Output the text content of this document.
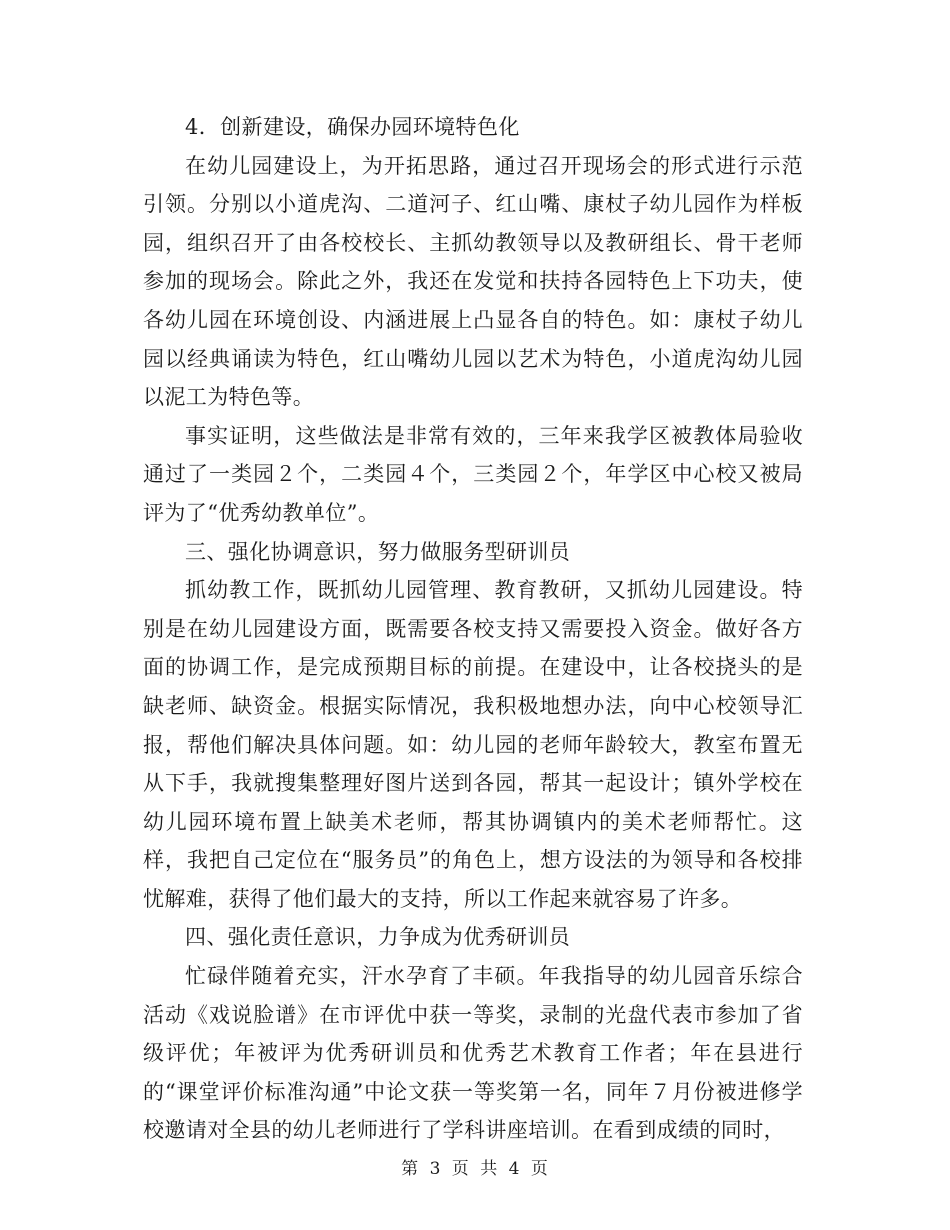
4．创新建设，确保办园环境特色化

在幼儿园建设上，为开拓思路，通过召开现场会的形式进行示范引领。分别以小道虎沟、二道河子、红山嘴、康杖子幼儿园作为样板园，组织召开了由各校校长、主抓幼教领导以及教研组长、骨干老师参加的现场会。除此之外，我还在发觉和扶持各园特色上下功夫，使各幼儿园在环境创设、内涵进展上凸显各自的特色。如：康杖子幼儿园以经典诵读为特色，红山嘴幼儿园以艺术为特色，小道虎沟幼儿园以泥工为特色等。

事实证明，这些做法是非常有效的，三年来我学区被教体局验收通过了一类园２个，二类园４个，三类园２个，年学区中心校又被局评为了“优秀幼教单位”。

三、强化协调意识，努力做服务型研训员

抓幼教工作，既抓幼儿园管理、教育教研，又抓幼儿园建设。特别是在幼儿园建设方面，既需要各校支持又需要投入资金。做好各方面的协调工作，是完成预期目标的前提。在建设中，让各校挠头的是缺老师、缺资金。根据实际情况，我积极地想办法，向中心校领导汇报，帮他们解决具体问题。如：幼儿园的老师年龄较大，教室布置无从下手，我就搜集整理好图片送到各园，帮其一起设计；镇外学校在幼儿园环境布置上缺美术老师，帮其协调镇内的美术老师帮忙。这样，我把自己定位在“服务员”的角色上，想方设法的为领导和各校排忧解难，获得了他们最大的支持，所以工作起来就容易了许多。

四、强化责任意识，力争成为优秀研训员

忙碌伴随着充实，汗水孕育了丰硕。年我指导的幼儿园音乐综合活动《戏说脸谱》在市评优中获一等奖，录制的光盘代表市参加了省级评优；年被评为优秀研训员和优秀艺术教育工作者；年在县进行的“课堂评价标准沟通”中论文获一等奖第一名，同年７月份被进修学校邀请对全县的幼儿老师进行了学科讲座培训。在看到成绩的同时，

第 3 页 共 4 页
